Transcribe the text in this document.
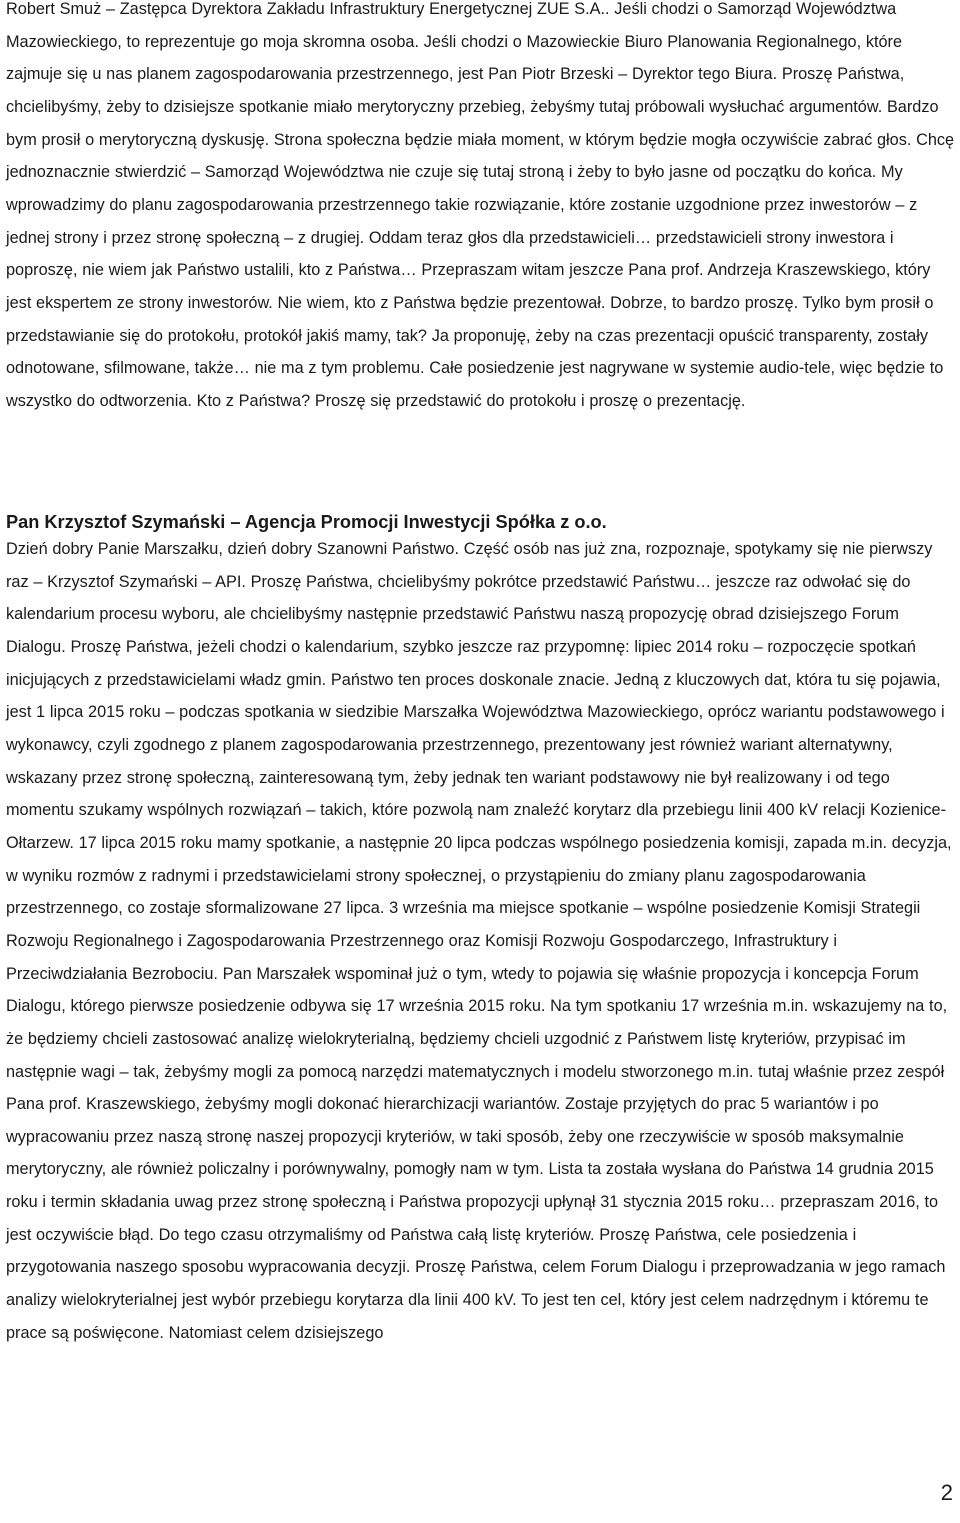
Robert Smuż – Zastępca Dyrektora Zakładu Infrastruktury Energetycznej ZUE S.A.. Jeśli chodzi o Samorząd Województwa Mazowieckiego, to reprezentuje go moja skromna osoba. Jeśli chodzi o Mazowieckie Biuro Planowania Regionalnego, które zajmuje się u nas planem zagospodarowania przestrzennego, jest Pan Piotr Brzeski – Dyrektor tego Biura. Proszę Państwa, chcielibyśmy, żeby to dzisiejsze spotkanie miało merytoryczny przebieg, żebyśmy tutaj próbowali wysłuchać argumentów. Bardzo bym prosił o merytoryczną dyskusję. Strona społeczna będzie miała moment, w którym będzie mogła oczywiście zabrać głos. Chcę jednoznacznie stwierdzić – Samorząd Województwa nie czuje się tutaj stroną i żeby to było jasne od początku do końca. My wprowadzimy do planu zagospodarowania przestrzennego takie rozwiązanie, które zostanie uzgodnione przez inwestorów – z jednej strony i przez stronę społeczną – z drugiej. Oddam teraz głos dla przedstawicieli… przedstawicieli strony inwestora i poproszę, nie wiem jak Państwo ustalili, kto z Państwa… Przepraszam witam jeszcze Pana prof. Andrzeja Kraszewskiego, który jest ekspertem ze strony inwestorów. Nie wiem, kto z Państwa będzie prezentował. Dobrze, to bardzo proszę. Tylko bym prosił o przedstawianie się do protokołu, protokół jakiś mamy, tak? Ja proponuję, żeby na czas prezentacji opuścić transparenty, zostały odnotowane, sfilmowane, także… nie ma z tym problemu. Całe posiedzenie jest nagrywane w systemie audio-tele, więc będzie to wszystko do odtworzenia. Kto z Państwa? Proszę się przedstawić do protokołu i proszę o prezentację.

Pan Krzysztof Szymański – Agencja Promocji Inwestycji Spółka z o.o.

Dzień dobry Panie Marszałku, dzień dobry Szanowni Państwo. Część osób nas już zna, rozpoznaje, spotykamy się nie pierwszy raz – Krzysztof Szymański – API. Proszę Państwa, chcielibyśmy pokrótce przedstawić Państwu… jeszcze raz odwołać się do kalendarium procesu wyboru, ale chcielibyśmy następnie przedstawić Państwu naszą propozycję obrad dzisiejszego Forum Dialogu. Proszę Państwa, jeżeli chodzi o kalendarium, szybko jeszcze raz przypomnę: lipiec 2014 roku – rozpoczęcie spotkań inicjujących z przedstawicielami władz gmin. Państwo ten proces doskonale znacie. Jedną z kluczowych dat, która tu się pojawia, jest 1 lipca 2015 roku – podczas spotkania w siedzibie Marszałka Województwa Mazowieckiego, oprócz wariantu podstawowego i wykonawcy, czyli zgodnego z planem zagospodarowania przestrzennego, prezentowany jest również wariant alternatywny, wskazany przez stronę społeczną, zainteresowaną tym, żeby jednak ten wariant podstawowy nie był realizowany i od tego momentu szukamy wspólnych rozwiązań – takich, które pozwolą nam znaleźć korytarz dla przebiegu linii 400 kV relacji Kozienice-Ołtarzew. 17 lipca 2015 roku mamy spotkanie, a następnie 20 lipca podczas wspólnego posiedzenia komisji, zapada m.in. decyzja, w wyniku rozmów z radnymi i przedstawicielami strony społecznej, o przystąpieniu do zmiany planu zagospodarowania przestrzennego, co zostaje sformalizowane 27 lipca. 3 września ma miejsce spotkanie – wspólne posiedzenie Komisji Strategii Rozwoju Regionalnego i Zagospodarowania Przestrzennego oraz Komisji Rozwoju Gospodarczego, Infrastruktury i Przeciwdziałania Bezrobociu. Pan Marszałek wspominał już o tym, wtedy to pojawia się właśnie propozycja i koncepcja Forum Dialogu, którego pierwsze posiedzenie odbywa się 17 września 2015 roku. Na tym spotkaniu 17 września m.in. wskazujemy na to, że będziemy chcieli zastosować analizę wielokryterialną, będziemy chcieli uzgodnić z Państwem listę kryteriów, przypisać im następnie wagi – tak, żebyśmy mogli za pomocą narzędzi matematycznych i modelu stworzonego m.in. tutaj właśnie przez zespół Pana prof. Kraszewskiego, żebyśmy mogli dokonać hierarchizacji wariantów. Zostaje przyjętych do prac 5 wariantów i po wypracowaniu przez naszą stronę naszej propozycji kryteriów, w taki sposób, żeby one rzeczywiście w sposób maksymalnie merytoryczny, ale również policzalny i porównywalny, pomogły nam w tym. Lista ta została wysłana do Państwa 14 grudnia 2015 roku i termin składania uwag przez stronę społeczną i Państwa propozycji upłynął 31 stycznia 2015 roku… przepraszam 2016, to jest oczywiście błąd. Do tego czasu otrzymaliśmy od Państwa całą listę kryteriów. Proszę Państwa, cele posiedzenia i przygotowania naszego sposobu wypracowania decyzji. Proszę Państwa, celem Forum Dialogu i przeprowadzania w jego ramach analizy wielokryterialnej jest wybór przebiegu korytarza dla linii 400 kV. To jest ten cel, który jest celem nadrzędnym i któremu te prace są poświęcone. Natomiast celem dzisiejszego

2
